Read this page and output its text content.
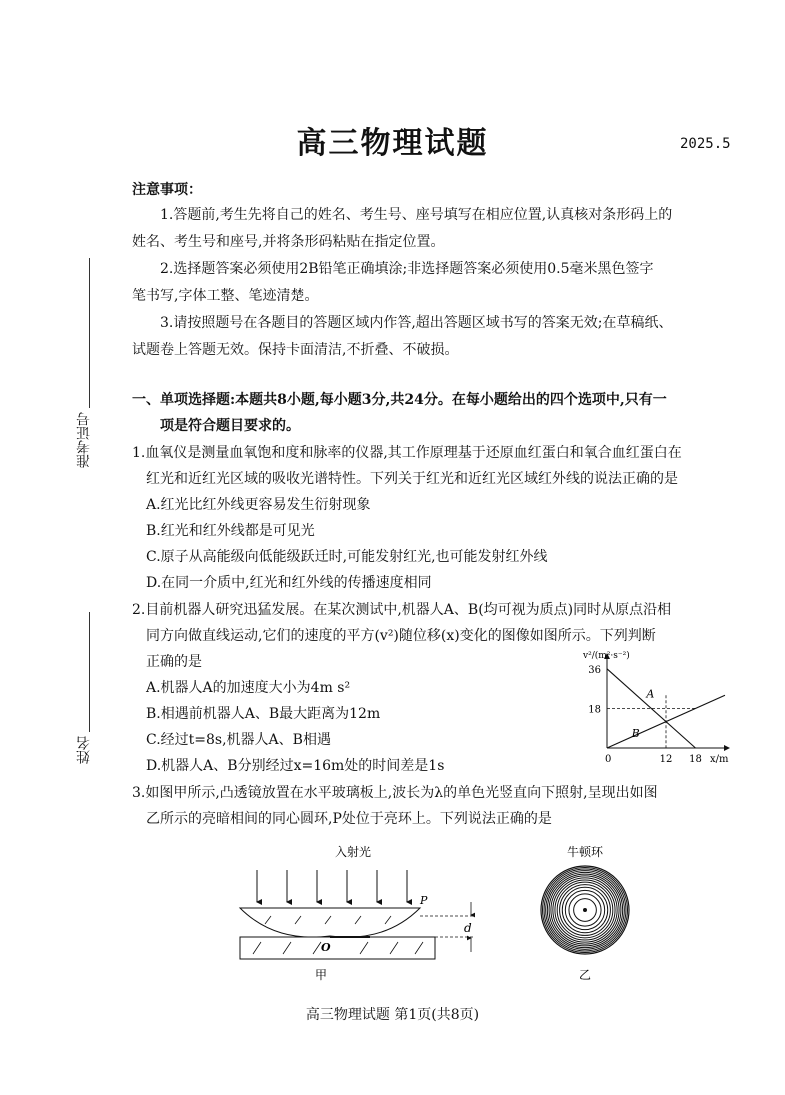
高三物理试题	2025.5
注意事项：
1.答题前,考生先将自己的姓名、考生号、座号填写在相应位置,认真核对条形码上的
姓名、考生号和座号,并将条形码粘贴在指定位置。
2.选择题答案必须使用2B铅笔正确填涂;非选择题答案必须使用0.5毫米黑色签字
笔书写,字体工整、笔迹清楚。
3.请按照题号在各题目的答题区域内作答,超出答题区域书写的答案无效;在草稿纸、
试题卷上答题无效。保持卡面清洁,不折叠、不破损。
准考证号
姓名
一、单项选择题:本题共8小题,每小题3分,共24分。在每小题给出的四个选项中,只有一
项是符合题目要求的。
1.血氧仪是测量血氧饱和度和脉率的仪器,其工作原理基于还原血红蛋白和氧合血红蛋白在
红光和近红光区域的吸收光谱特性。下列关于红光和近红光区域红外线的说法正确的是
A.红光比红外线更容易发生衍射现象
B.红光和红外线都是可见光
C.原子从高能级向低能级跃迁时,可能发射红光,也可能发射红外线
D.在同一介质中,红光和红外线的传播速度相同
2.目前机器人研究迅猛发展。在某次测试中,机器人A、B(均可视为质点)同时从原点沿相
同方向做直线运动,它们的速度的平方(v²)随位移(x)变化的图像如图所示。下列判断
正确的是
A.机器人A的加速度大小为4m s²
B.相遇前机器人A、B最大距离为12m
C.经过t=8s,机器人A、B相遇
D.机器人A、B分别经过x=16m处的时间差是1s
v²/(m²·s⁻²)
x/m
0	12 18
18
36
A
B
3.如图甲所示,凸透镜放置在水平玻璃板上,波长为λ的单色光竖直向下照射,呈现出如图
乙所示的亮暗相间的同心圆环,P处位于亮环上。下列说法正确的是
入射光
P
O
d
甲
牛顿环
乙
高三物理试题 第1页(共8页)
